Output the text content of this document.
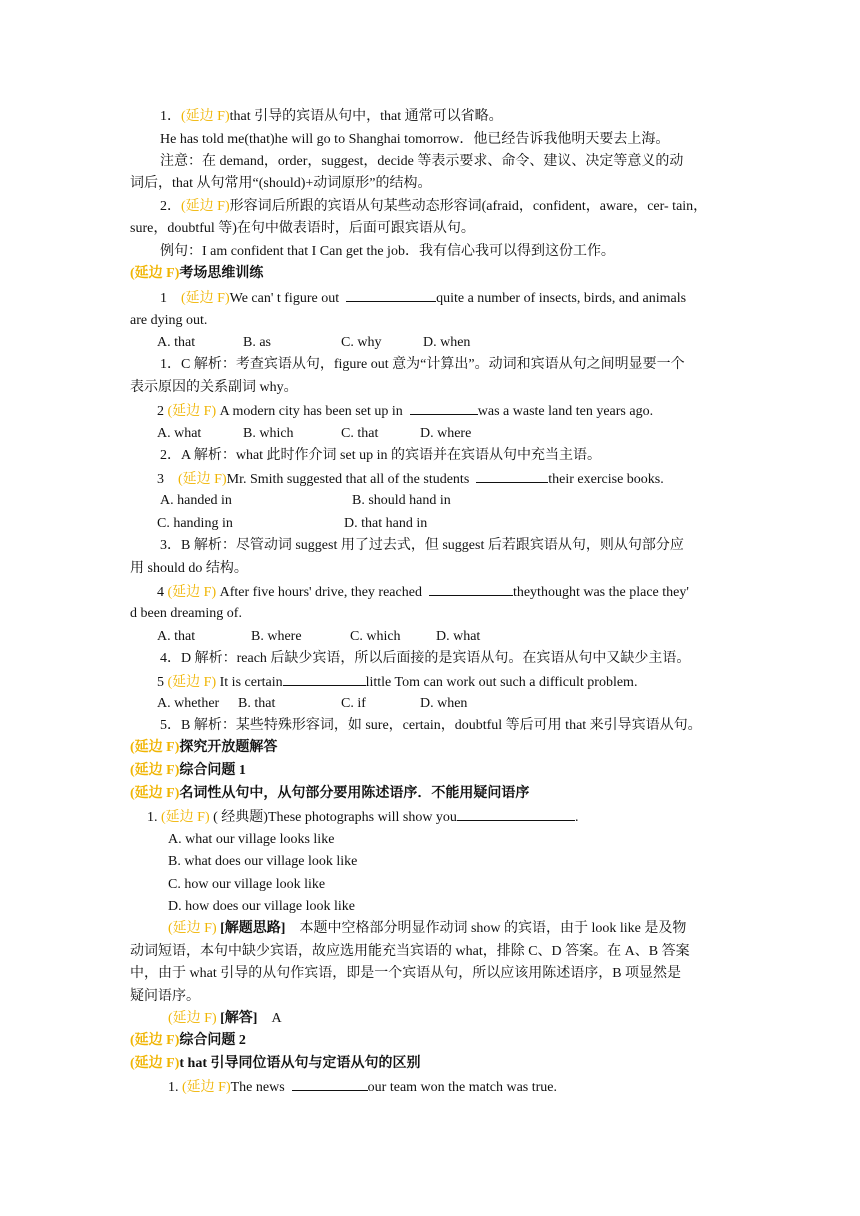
1．(延边 F)that 引导的宾语从句中，that 通常可以省略。
He has told me(that)he will go to Shanghai tomorrow．他已经告诉我他明天要去上海。
注意：在 demand，order，suggest，decide 等表示要求、命令、建议、决定等意义的动
词后，that 从句常用“(should)+动词原形”的结构。
2．(延边 F)形容词后所跟的宾语从句某些动态形容词(afraid，confident，aware，cer- tain，
sure，doubtful 等)在句中做表语时，后面可跟宾语从句。
例句：I am confident that I Can get the job．我有信心我可以得到这份工作。
(延边 F)考场思维训练
1 (延边 F)We can' t figure out	quite a number of insects, birds, and animals
are dying out.
A. that	B. as	C. why	D. when
1．C 解析：考查宾语从句，figure out 意为“计算出”。动词和宾语从句之间明显要一个
表示原因的关系副词 why。
2 (延边 F) A modern city has been set up in	was a waste land ten years ago.
A. what	B. which	C. that	D. where
2．A 解析：what 此时作介词 set up in 的宾语并在宾语从句中充当主语。
3 (延边 F)Mr. Smith suggested that all of the students	their exercise books.
A. handed in	B. should hand in
C. handing in	D. that hand in
3．B 解析：尽管动词 suggest 用了过去式，但 suggest 后若跟宾语从句，则从句部分应
用 should do 结构。
4 (延边 F) After five hours' drive, they reached	theythought was the place they'
d been dreaming of.
A. that	B. where	C. which	D. what
4．D 解析：reach 后缺少宾语，所以后面接的是宾语从句。在宾语从句中又缺少主语。
5 (延边 F) It is certain	little Tom can work out such a difficult problem.
A. whether B. that	C. if	D. when
5．B 解析：某些特殊形容词，如 sure，certain，doubtful 等后可用 that 来引导宾语从句。
(延边 F)探究开放题解答
(延边 F)综合问题 1
(延边 F)名词性从句中，从句部分要用陈述语序．不能用疑问语序
1. (延边 F) ( 经典题)These photographs will show you	.
A. what our village looks like
B. what does our village look like
C. how our village look like
D. how does our village look like
(延边 F) [解题思路] 本题中空格部分明显作动词 show 的宾语，由于 look like 是及物
动词短语，本句中缺少宾语，故应选用能充当宾语的 what，排除 C、D 答案。在 A、B 答案
中，由于 what 引导的从句作宾语，即是一个宾语从句，所以应该用陈述语序，B 项显然是
疑问语序。
(延边 F) [解答] A
(延边 F)综合问题 2
(延边 F)t hat 引导同位语从句与定语从句的区别
1. (延边 F)The news	our team won the match was true.
